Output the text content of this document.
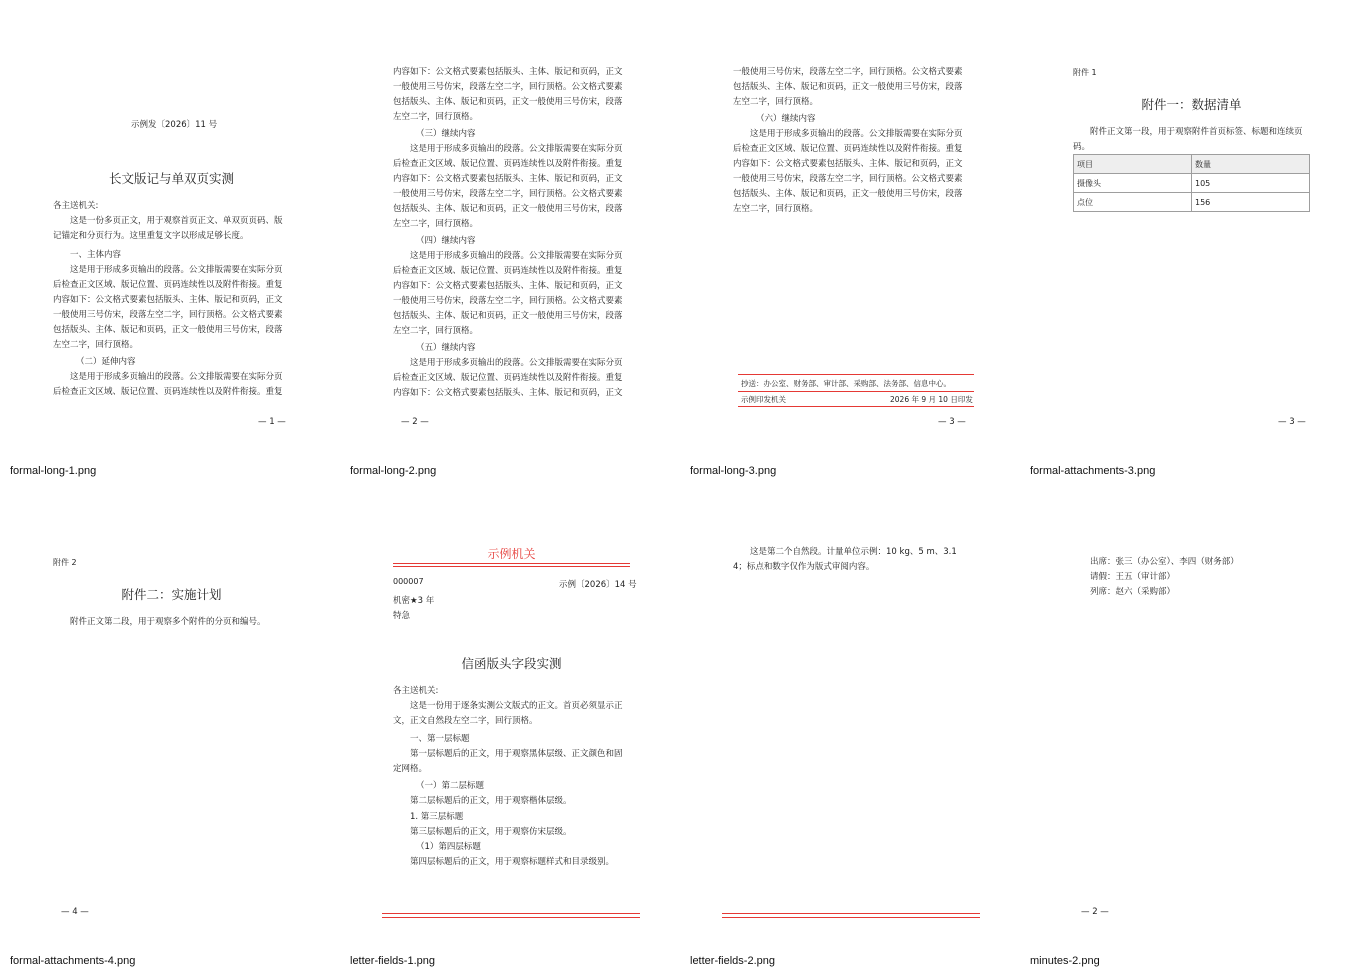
示例发〔2026〕11 号
长文版记与单双页实测
各主送机关:
这是一份多页正文，用于观察首页正文、单双页页码、版记锚定和分页行为。这里重复文字以形成足够长度。
一、主体内容
这是用于形成多页输出的段落。公文排版需要在实际分页后检查正文区域、版记位置、页码连续性以及附件衔接。重复内容如下：公文格式要素包括版头、主体、版记和页码，正文一般使用三号仿宋，段落左空二字，回行顶格。公文格式要素包括版头、主体、版记和页码，正文一般使用三号仿宋，段落左空二字，回行顶格。
（二）延伸内容
这是用于形成多页输出的段落。公文排版需要在实际分页后检查正文区域、版记位置、页码连续性以及附件衔接。重复
— 1 —
formal-long-1.png
内容如下：公文格式要素包括版头、主体、版记和页码，正文一般使用三号仿宋，段落左空二字，回行顶格。公文格式要素包括版头、主体、版记和页码，正文一般使用三号仿宋，段落左空二字，回行顶格。
（三）继续内容
这是用于形成多页输出的段落。公文排版需要在实际分页后检查正文区域、版记位置、页码连续性以及附件衔接。重复内容如下：公文格式要素包括版头、主体、版记和页码，正文一般使用三号仿宋，段落左空二字，回行顶格。公文格式要素包括版头、主体、版记和页码，正文一般使用三号仿宋，段落左空二字，回行顶格。
（四）继续内容
这是用于形成多页输出的段落。公文排版需要在实际分页后检查正文区域、版记位置、页码连续性以及附件衔接。重复内容如下：公文格式要素包括版头、主体、版记和页码，正文一般使用三号仿宋，段落左空二字，回行顶格。公文格式要素包括版头、主体、版记和页码，正文一般使用三号仿宋，段落左空二字，回行顶格。
（五）继续内容
这是用于形成多页输出的段落。公文排版需要在实际分页后检查正文区域、版记位置、页码连续性以及附件衔接。重复内容如下：公文格式要素包括版头、主体、版记和页码，正文
— 2 —
formal-long-2.png
一般使用三号仿宋，段落左空二字，回行顶格。公文格式要素包括版头、主体、版记和页码，正文一般使用三号仿宋，段落左空二字，回行顶格。
（六）继续内容
这是用于形成多页输出的段落。公文排版需要在实际分页后检查正文区域、版记位置、页码连续性以及附件衔接。重复内容如下：公文格式要素包括版头、主体、版记和页码，正文一般使用三号仿宋，段落左空二字，回行顶格。公文格式要素包括版头、主体、版记和页码，正文一般使用三号仿宋，段落左空二字，回行顶格。
抄送：办公室、财务部、审计部、采购部、法务部、信息中心。
示例印发机关	2026 年 9 月 10 日印发
— 3 —
formal-long-3.png
附件 1
附件一：数据清单
附件正文第一段，用于观察附件首页标签、标题和连续页码。
项目	数量
摄像头	105
点位	156
— 3 —
formal-attachments-3.png
附件 2
附件二：实施计划
附件正文第二段，用于观察多个附件的分页和编号。
— 4 —
formal-attachments-4.png
示例机关
000007	示例〔2026〕14 号
机密★3 年
特急
信函版头字段实测
各主送机关:
这是一份用于逐条实测公文版式的正文。首页必须显示正文，正文自然段左空二字，回行顶格。
一、第一层标题
第一层标题后的正文，用于观察黑体层级、正文颜色和固定网格。
（一）第二层标题
第二层标题后的正文，用于观察楷体层级。
1. 第三层标题
第三层标题后的正文，用于观察仿宋层级。
（1）第四层标题
第四层标题后的正文，用于观察标题样式和目录级别。
letter-fields-1.png
这是第二个自然段。计量单位示例：10 kg、5 m、3.14；标点和数字仅作为版式审阅内容。
letter-fields-2.png
出席：张三（办公室）、李四（财务部）
请假：王五（审计部）
列席：赵六（采购部）
— 2 —
minutes-2.png
